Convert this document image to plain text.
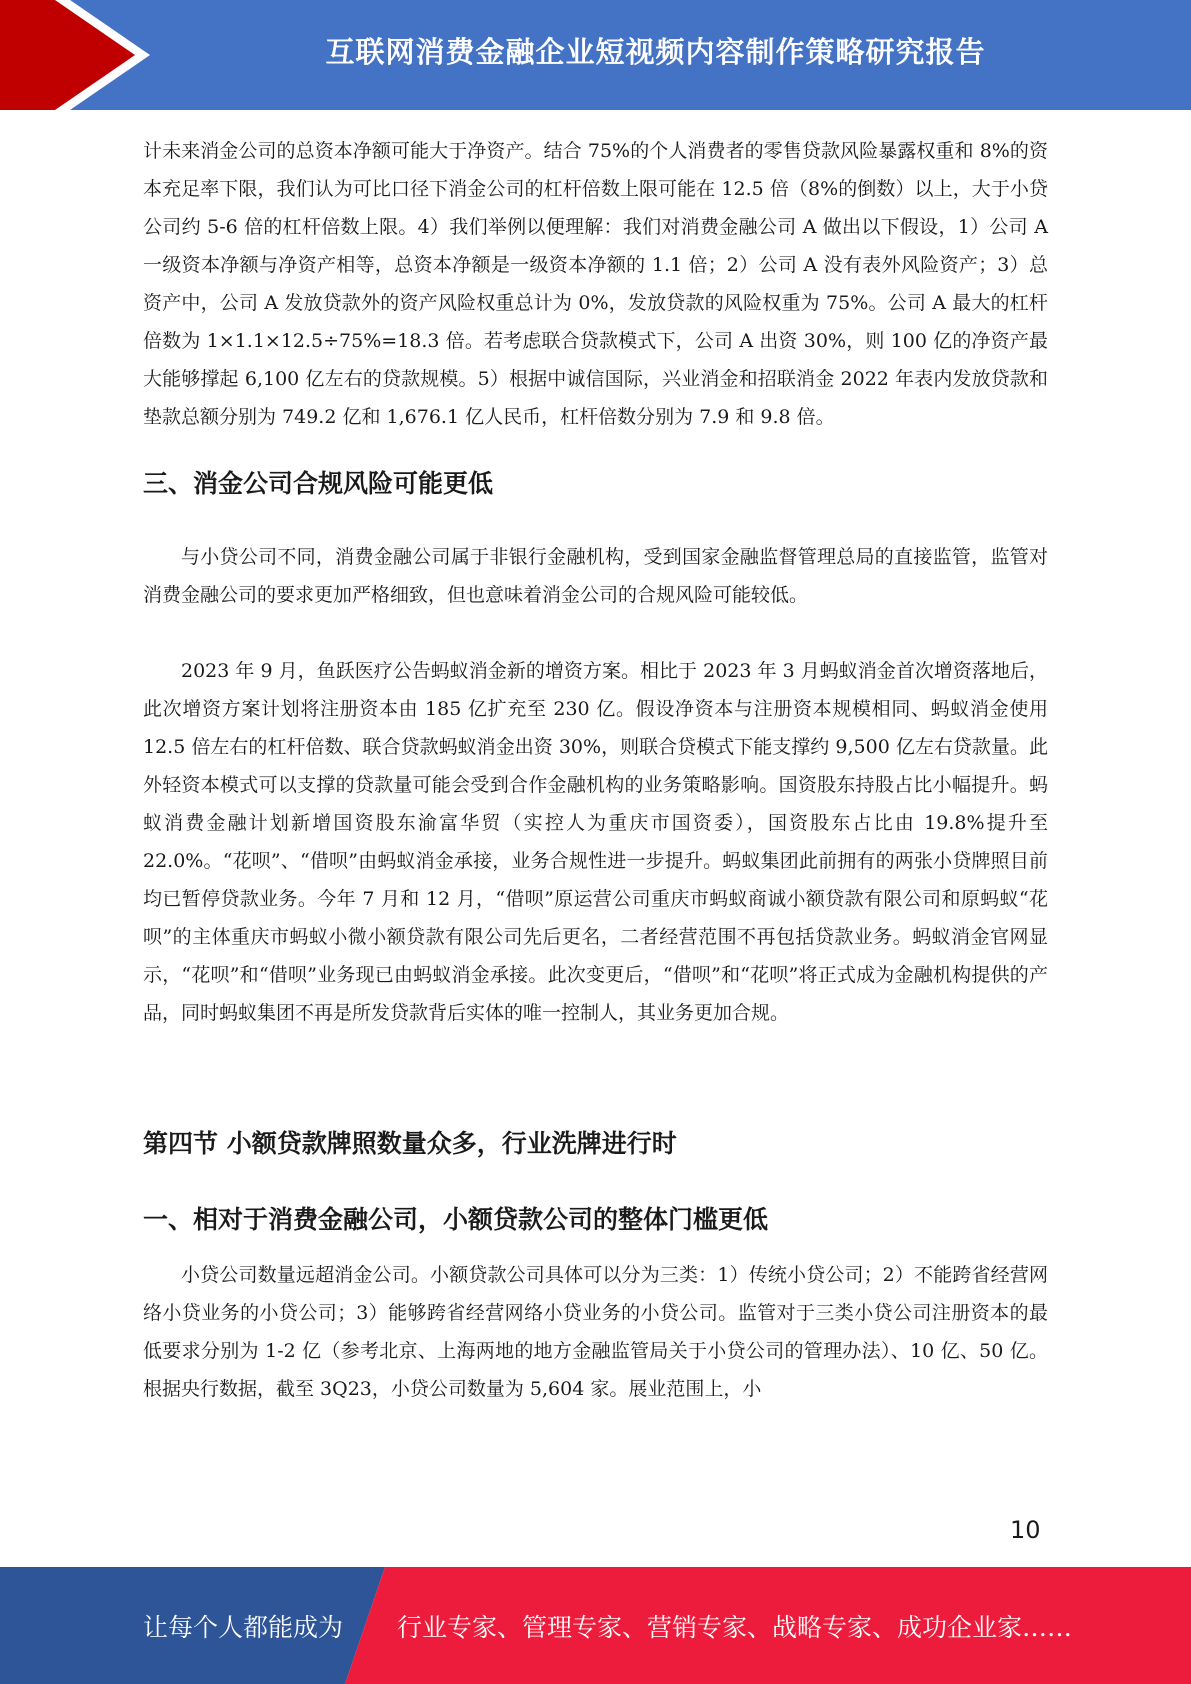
互联网消费金融企业短视频内容制作策略研究报告

计未来消金公司的总资本净额可能大于净资产。结合 75%的个人消费者的零售贷款风险暴露权重和 8%的资本充足率下限，我们认为可比口径下消金公司的杠杆倍数上限可能在 12.5 倍（8%的倒数）以上，大于小贷公司约 5-6 倍的杠杆倍数上限。4）我们举例以便理解：我们对消费金融公司 A 做出以下假设，1）公司 A 一级资本净额与净资产相等，总资本净额是一级资本净额的 1.1 倍；2）公司 A 没有表外风险资产；3）总资产中，公司 A 发放贷款外的资产风险权重总计为 0%，发放贷款的风险权重为 75%。公司 A 最大的杠杆倍数为 1×1.1×12.5÷75%=18.3 倍。若考虑联合贷款模式下，公司 A 出资 30%，则 100 亿的净资产最大能够撑起 6,100 亿左右的贷款规模。5）根据中诚信国际，兴业消金和招联消金 2022 年表内发放贷款和垫款总额分别为 749.2 亿和 1,676.1 亿人民币，杠杆倍数分别为 7.9 和 9.8 倍。

三、消金公司合规风险可能更低

与小贷公司不同，消费金融公司属于非银行金融机构，受到国家金融监督管理总局的直接监管，监管对消费金融公司的要求更加严格细致，但也意味着消金公司的合规风险可能较低。

2023 年 9 月，鱼跃医疗公告蚂蚁消金新的增资方案。相比于 2023 年 3 月蚂蚁消金首次增资落地后，此次增资方案计划将注册资本由 185 亿扩充至 230 亿。假设净资本与注册资本规模相同、蚂蚁消金使用 12.5 倍左右的杠杆倍数、联合贷款蚂蚁消金出资 30%，则联合贷模式下能支撑约 9,500 亿左右贷款量。此外轻资本模式可以支撑的贷款量可能会受到合作金融机构的业务策略影响。国资股东持股占比小幅提升。蚂蚁消费金融计划新增国资股东渝富华贸（实控人为重庆市国资委），国资股东占比由 19.8%提升至 22.0%。“花呗”、“借呗”由蚂蚁消金承接，业务合规性进一步提升。蚂蚁集团此前拥有的两张小贷牌照目前均已暂停贷款业务。今年 7 月和 12 月，“借呗”原运营公司重庆市蚂蚁商诚小额贷款有限公司和原蚂蚁“花呗”的主体重庆市蚂蚁小微小额贷款有限公司先后更名，二者经营范围不再包括贷款业务。蚂蚁消金官网显示，“花呗”和“借呗”业务现已由蚂蚁消金承接。此次变更后，“借呗”和“花呗”将正式成为金融机构提供的产品，同时蚂蚁集团不再是所发贷款背后实体的唯一控制人，其业务更加合规。

第四节 小额贷款牌照数量众多，行业洗牌进行时
一、相对于消费金融公司，小额贷款公司的整体门槛更低

小贷公司数量远超消金公司。小额贷款公司具体可以分为三类：1）传统小贷公司；2）不能跨省经营网络小贷业务的小贷公司；3）能够跨省经营网络小贷业务的小贷公司。监管对于三类小贷公司注册资本的最低要求分别为 1-2 亿（参考北京、上海两地的地方金融监管局关于小贷公司的管理办法）、10 亿、50 亿。根据央行数据，截至 3Q23，小贷公司数量为 5,604 家。展业范围上，小

10
让每个人都能成为 行业专家、管理专家、营销专家、战略专家、成功企业家……
